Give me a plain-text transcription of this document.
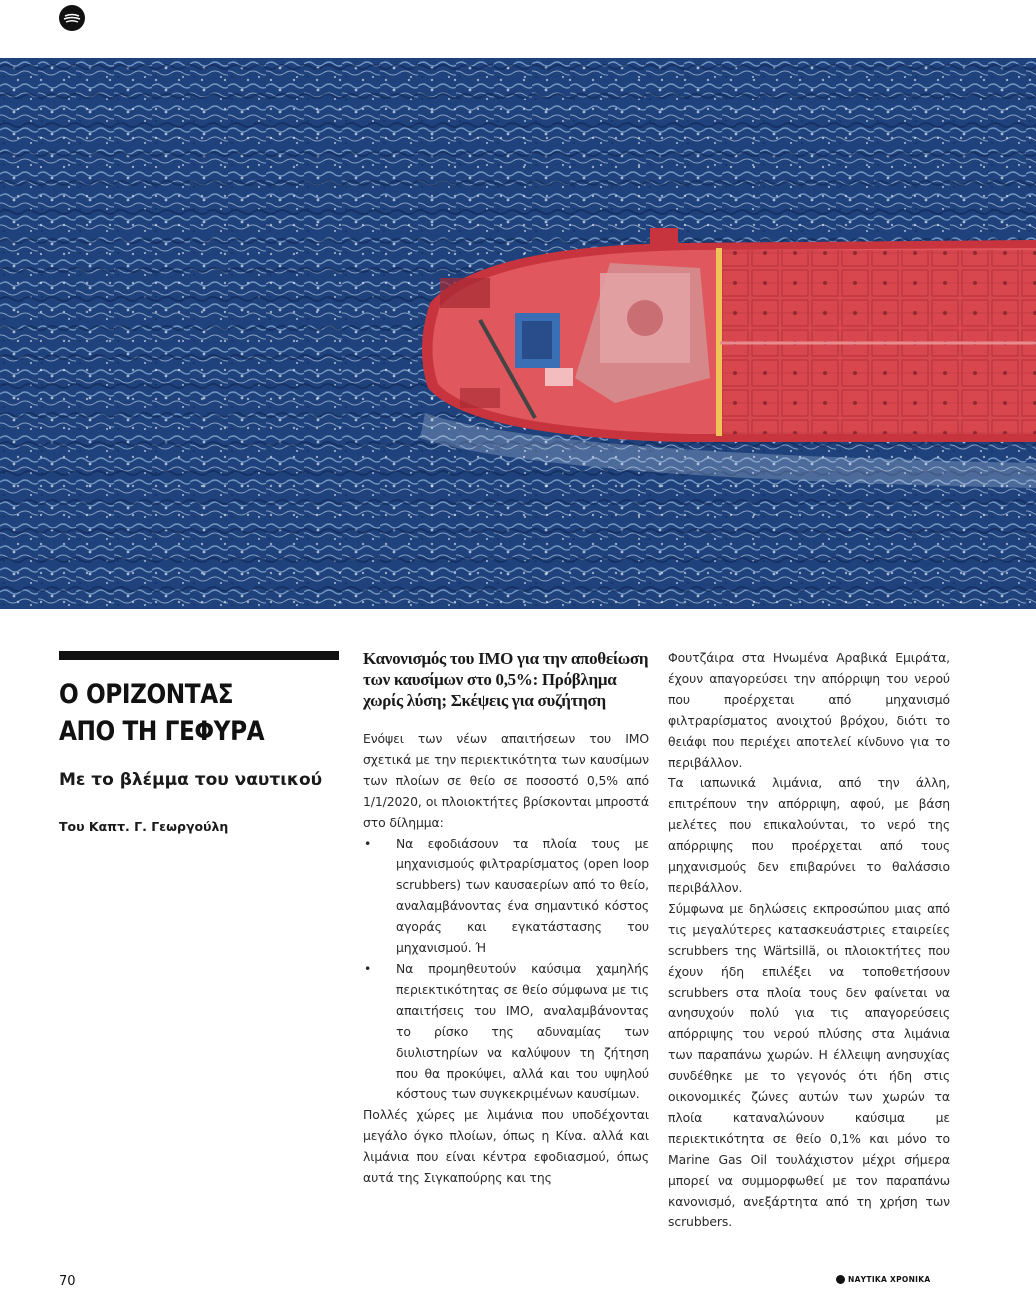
Ο ΟΡΙΖΟΝΤΑΣ
ΑΠΟ ΤΗ ΓΕΦΥΡΑ

Με το βλέμμα του ναυτικού

Του Καπτ. Γ. Γεωργούλη

Κανονισμός του IMO για την αποθείωση των καυσίμων στο 0,5%: Πρόβλημα χωρίς λύση; Σκέψεις για συζήτηση

Ενόψει των νέων απαιτήσεων του IMO σχετικά με την περιεκτικότητα των καυσίμων των πλοίων σε θείο σε ποσοστό 0,5% από 1/1/2020, οι πλοιοκτήτες βρίσκονται μπροστά στο δίλημμα:

• Να εφοδιάσουν τα πλοία τους με μηχανισμούς φιλτραρίσματος (open loop scrubbers) των καυσαερίων από το θείο, αναλαμβάνοντας ένα σημαντικό κόστος αγοράς και εγκατάστασης του μηχανισμού. Ή
• Να προμηθευτούν καύσιμα χαμηλής περιεκτικότητας σε θείο σύμφωνα με τις απαιτήσεις του IMO, αναλαμβάνοντας το ρίσκο της αδυναμίας των διυλιστηρίων να καλύψουν τη ζήτηση που θα προκύψει, αλλά και του υψηλού κόστους των συγκεκριμένων καυσίμων.

Πολλές χώρες με λιμάνια που υποδέχονται μεγάλο όγκο πλοίων, όπως η Κίνα. αλλά και λιμάνια που είναι κέντρα εφοδιασμού, όπως αυτά της Σιγκαπούρης και της

Φουτζάιρα στα Ηνωμένα Αραβικά Εμιράτα, έχουν απαγορεύσει την απόρριψη του νερού που προέρχεται από μηχανισμό φιλτραρίσματος ανοιχτού βρόχου, διότι το θειάφι που περιέχει αποτελεί κίνδυνο για το περιβάλλον.

Τα ιαπωνικά λιμάνια, από την άλλη, επιτρέπουν την απόρριψη, αφού, με βάση μελέτες που επικαλούνται, το νερό της απόρριψης που προέρχεται από τους μηχανισμούς δεν επιβαρύνει το θαλάσσιο περιβάλλον.

Σύμφωνα με δηλώσεις εκπροσώπου μιας από τις μεγαλύτερες κατασκευάστριες εταιρείες scrubbers της Wärtsillä, οι πλοιοκτήτες που έχουν ήδη επιλέξει να τοποθετήσουν scrubbers στα πλοία τους δεν φαίνεται να ανησυχούν πολύ για τις απαγορεύσεις απόρριψης του νερού πλύσης στα λιμάνια των παραπάνω χωρών. Η έλλειψη ανησυχίας συνδέθηκε με το γεγονός ότι ήδη στις οικονομικές ζώνες αυτών των χωρών τα πλοία καταναλώνουν καύσιμα με περιεκτικότητα σε θείο 0,1% και μόνο το Marine Gas Oil τουλάχιστον μέχρι σήμερα μπορεί να συμμορφωθεί με τον παραπάνω κανονισμό, ανεξάρτητα από τη χρήση των scrubbers.

70	ΝΑΥΤΙΚΑ ΧΡΟΝΙΚΑ
